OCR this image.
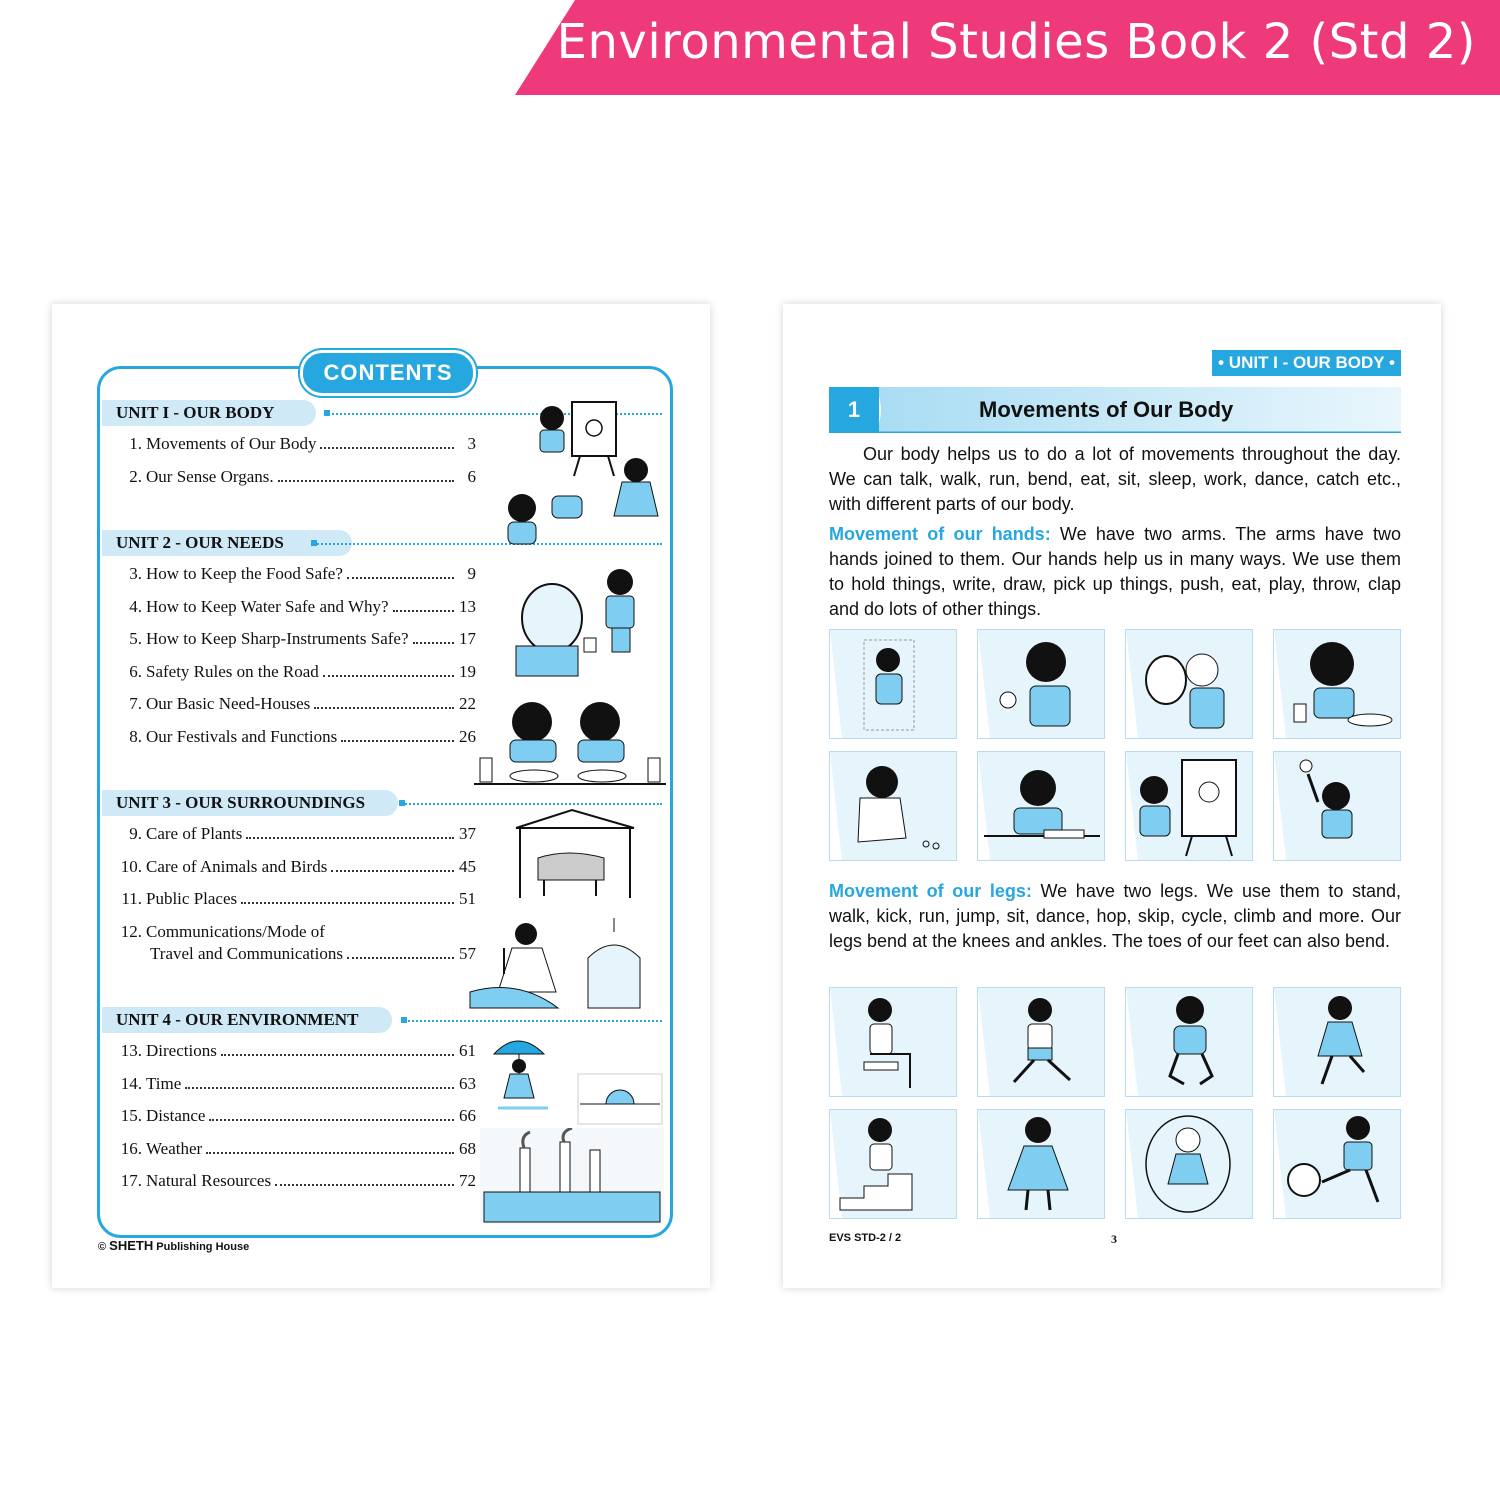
Environmental Studies Book 2 (Std 2)
CONTENTS
UNIT I - OUR BODY
1. Movements of Our Body	3
2. Our Sense Organs.	6
UNIT 2 - OUR NEEDS
3. How to Keep the Food Safe?	9
4. How to Keep Water Safe and Why?	13
5. How to Keep Sharp-Instruments Safe?	17
6. Safety Rules on the Road	19
7. Our Basic Need-Houses	22
8. Our Festivals and Functions	26
UNIT 3 - OUR SURROUNDINGS
9. Care of Plants	37
10. Care of Animals and Birds	45
11. Public Places	51
12. Communications/Mode of
Travel and Communications	57
UNIT 4 - OUR ENVIRONMENT
13. Directions	61
14. Time	63
15. Distance	66
16. Weather	68
17. Natural Resources	72
© SHETH Publishing House
• UNIT I - OUR BODY •
1	Movements of Our Body
Our body helps us to do a lot of movements throughout the day. We can talk, walk, run, bend, eat, sit, sleep, work, dance, catch etc., with different parts of our body.
Movement of our hands: We have two arms. The arms have two hands joined to them. Our hands help us in many ways. We use them to hold things, write, draw, pick up things, push, eat, play, throw, clap and do lots of other things.
Movement of our legs: We have two legs. We use them to stand, walk, kick, run, jump, sit, dance, hop, skip, cycle, climb and more. Our legs bend at the knees and ankles. The toes of our feet can also bend.
EVS STD-2 / 2	3
